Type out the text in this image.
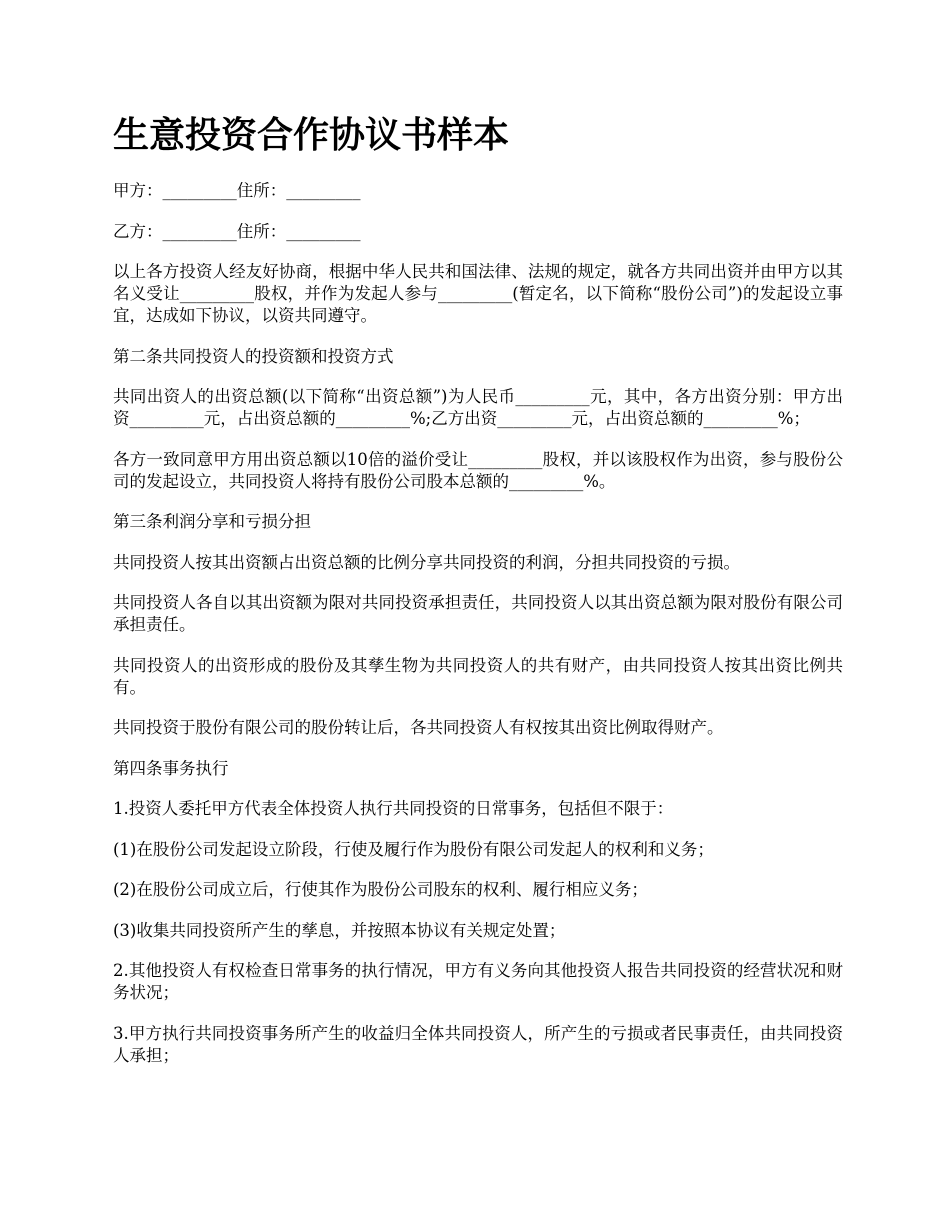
生意投资合作协议书样本

甲方：_________住所：_________

乙方：_________住所：_________

以上各方投资人经友好协商，根据中华人民共和国法律、法规的规定，就各方共同出资并由甲方以其名义受让_________股权，并作为发起人参与_________(暂定名，以下简称“股份公司”)的发起设立事宜，达成如下协议，以资共同遵守。

第二条共同投资人的投资额和投资方式

共同出资人的出资总额(以下简称“出资总额”)为人民币_________元，其中，各方出资分别：甲方出资_________元，占出资总额的_________%;乙方出资_________元，占出资总额的_________%；

各方一致同意甲方用出资总额以10倍的溢价受让_________股权，并以该股权作为出资，参与股份公司的发起设立，共同投资人将持有股份公司股本总额的_________%。

第三条利润分享和亏损分担

共同投资人按其出资额占出资总额的比例分享共同投资的利润，分担共同投资的亏损。

共同投资人各自以其出资额为限对共同投资承担责任，共同投资人以其出资总额为限对股份有限公司承担责任。

共同投资人的出资形成的股份及其孳生物为共同投资人的共有财产，由共同投资人按其出资比例共有。

共同投资于股份有限公司的股份转让后，各共同投资人有权按其出资比例取得财产。

第四条事务执行

1.投资人委托甲方代表全体投资人执行共同投资的日常事务，包括但不限于：

(1)在股份公司发起设立阶段，行使及履行作为股份有限公司发起人的权利和义务；

(2)在股份公司成立后，行使其作为股份公司股东的权利、履行相应义务；

(3)收集共同投资所产生的孳息，并按照本协议有关规定处置；

2.其他投资人有权检查日常事务的执行情况，甲方有义务向其他投资人报告共同投资的经营状况和财务状况；

3.甲方执行共同投资事务所产生的收益归全体共同投资人，所产生的亏损或者民事责任，由共同投资人承担；
